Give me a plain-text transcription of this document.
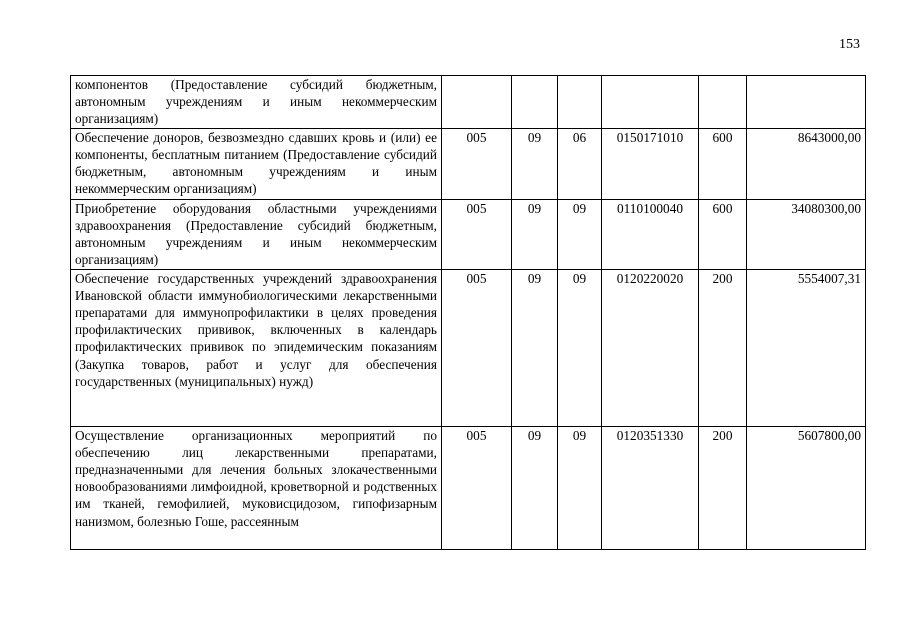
153
компонентов (Предоставление субсидий бюджетным, автономным учреждениям и иным некоммерческим организациям)						
Обеспечение доноров, безвозмездно сдавших кровь и (или) ее компоненты, бесплатным питанием (Предоставление субсидий бюджетным, автономным учреждениям и иным некоммерческим организациям)	005	09	06	0150171010	600	8643000,00
Приобретение оборудования областными учреждениями здравоохранения (Предоставление субсидий бюджетным, автономным учреждениям и иным некоммерческим организациям)	005	09	09	0110100040	600	34080300,00
Обеспечение государственных учреждений здравоохранения Ивановской области иммунобиологическими лекарственными препаратами для иммунопрофилактики в целях проведения профилактических прививок, включенных в календарь профилактических прививок по эпидемическим показаниям (Закупка товаров, работ и услуг для обеспечения государственных (муниципальных) нужд)	005	09	09	0120220020	200	5554007,31
Осуществление организационных мероприятий по обеспечению лиц лекарственными препаратами, предназначенными для лечения больных злокачественными новообразованиями лимфоидной, кроветворной и родственных им тканей, гемофилией, муковисцидозом, гипофизарным нанизмом, болезнью Гоше, рассеянным	005	09	09	0120351330	200	5607800,00
